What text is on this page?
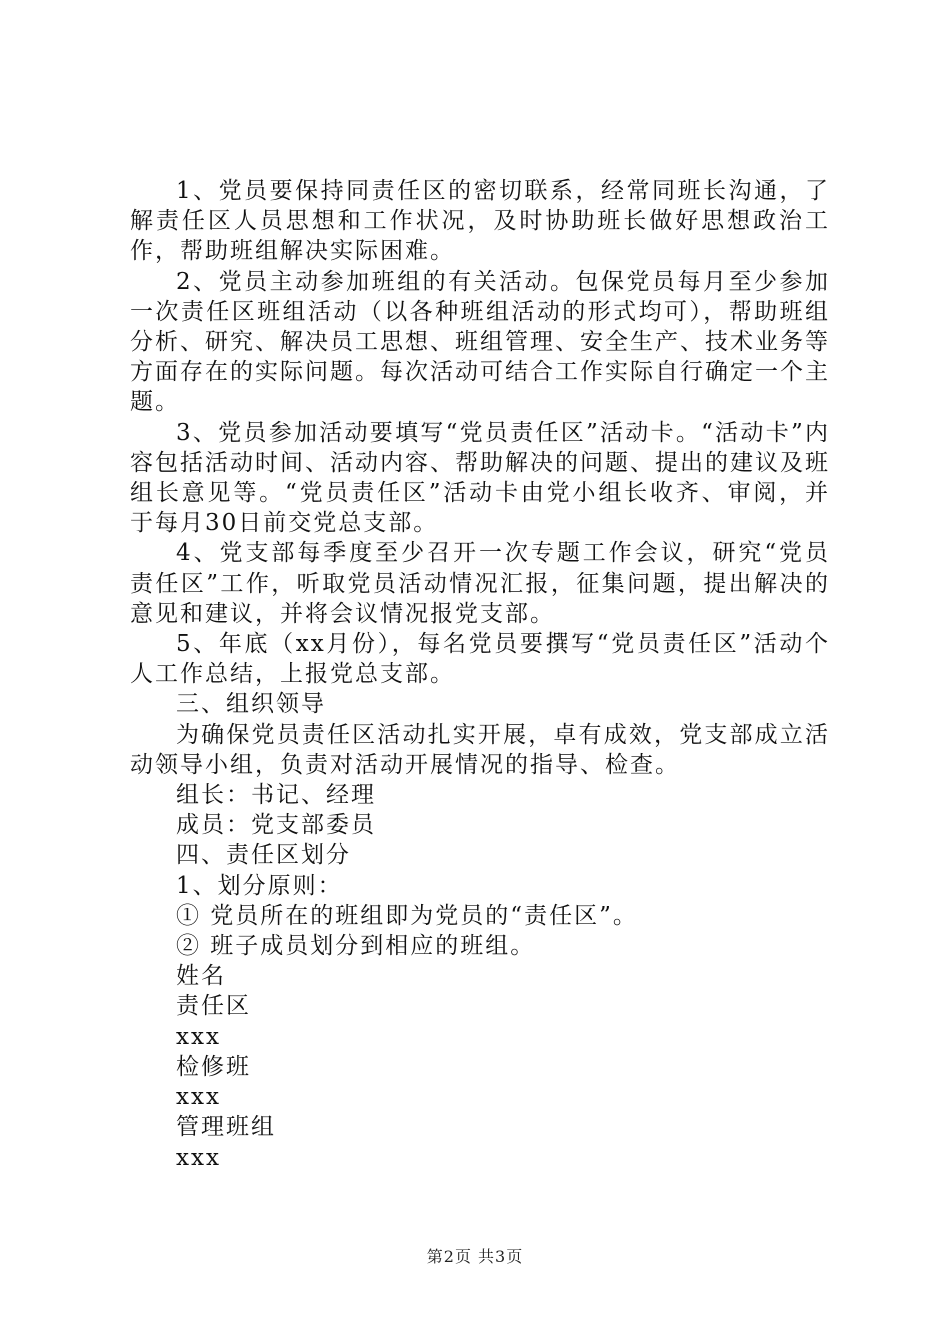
1、党员要保持同责任区的密切联系，经常同班长沟通，了解责任区人员思想和工作状况，及时协助班长做好思想政治工作，帮助班组解决实际困难。

2、党员主动参加班组的有关活动。包保党员每月至少参加一次责任区班组活动（以各种班组活动的形式均可），帮助班组分析、研究、解决员工思想、班组管理、安全生产、技术业务等方面存在的实际问题。每次活动可结合工作实际自行确定一个主题。

3、党员参加活动要填写“党员责任区”活动卡。“活动卡”内容包括活动时间、活动内容、帮助解决的问题、提出的建议及班组长意见等。“党员责任区”活动卡由党小组长收齐、审阅，并于每月30日前交党总支部。

4、党支部每季度至少召开一次专题工作会议，研究“党员责任区”工作，听取党员活动情况汇报，征集问题，提出解决的意见和建议，并将会议情况报党支部。

5、年底（xx月份），每名党员要撰写“党员责任区”活动个人工作总结，上报党总支部。

三、组织领导

为确保党员责任区活动扎实开展，卓有成效，党支部成立活动领导小组，负责对活动开展情况的指导、检查。

组长：书记、经理

成员：党支部委员

四、责任区划分

1、划分原则：

① 党员所在的班组即为党员的“责任区”。

② 班子成员划分到相应的班组。

姓名

责任区

xxx

检修班

xxx

管理班组

xxx

第2页 共3页
